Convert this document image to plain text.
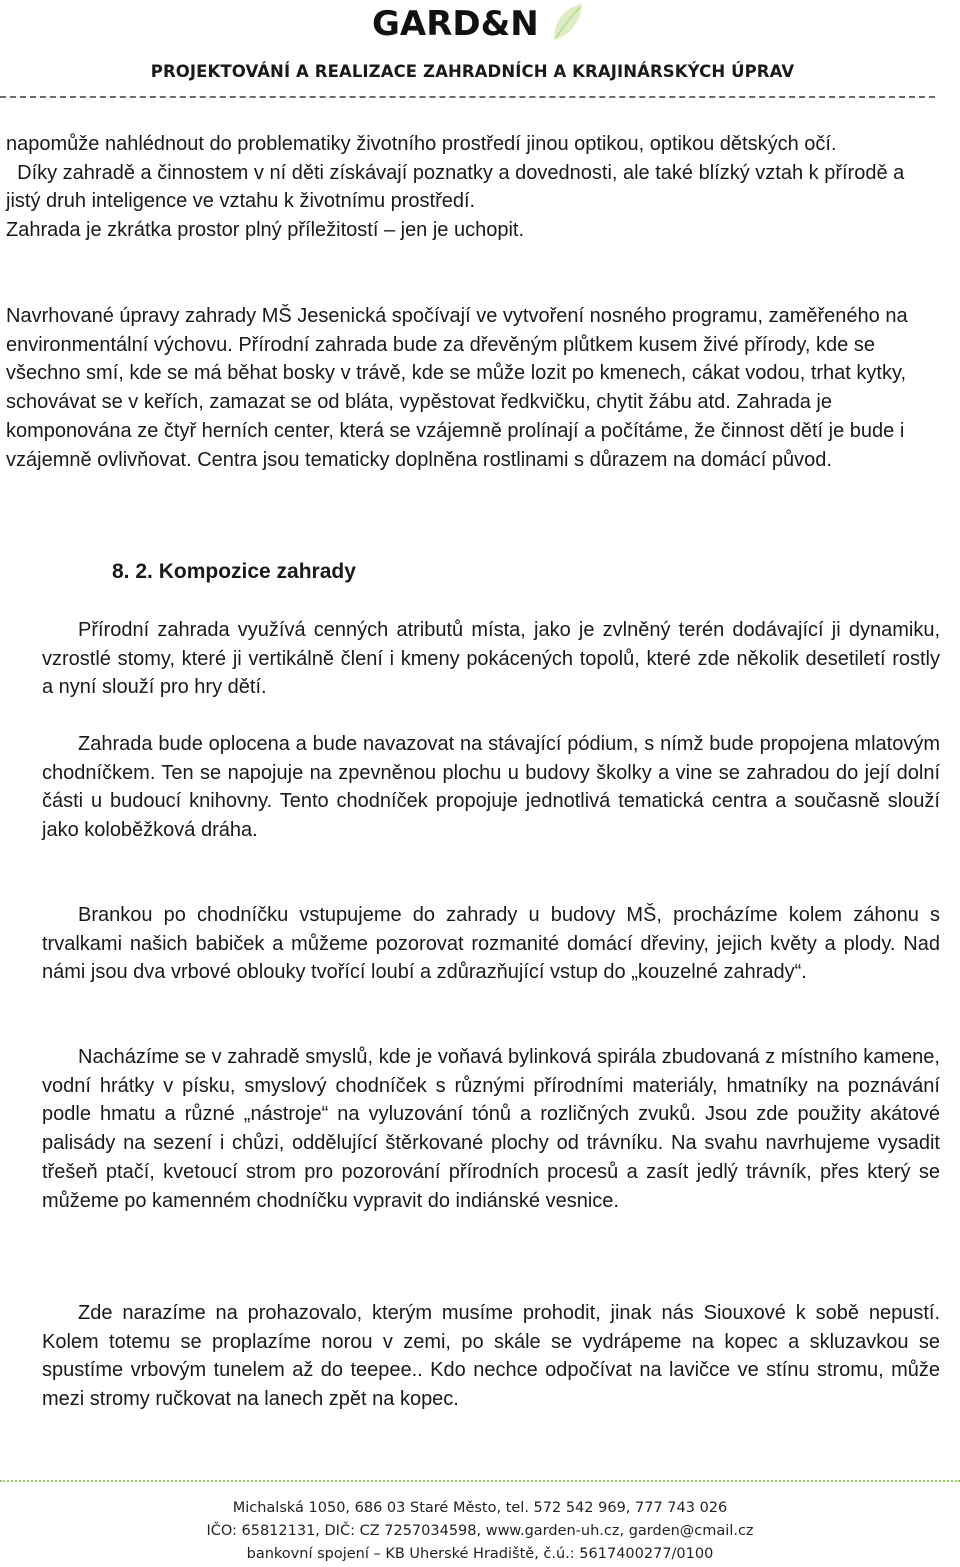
GARD&N
PROJEKTOVÁNÍ A REALIZACE ZAHRADNÍCH A KRAJINÁRSKÝCH ÚPRAV
napomůže nahlédnout do problematiky životního prostředí jinou optikou, optikou dětských očí.
Díky zahradě a činnostem v ní děti získávají poznatky a dovednosti, ale také blízký vztah k přírodě a jistý druh inteligence ve vztahu k životnímu prostředí.
Zahrada je zkrátka prostor plný příležitostí – jen je uchopit.
Navrhované úpravy zahrady MŠ Jesenická spočívají ve vytvoření nosného programu, zaměřeného na environmentální výchovu. Přírodní zahrada bude za dřevěným plůtkem kusem živé přírody, kde se všechno smí, kde se má běhat bosky v trávě, kde se může lozit po kmenech, cákat vodou, trhat kytky, schovávat se v keřích, zamazat se od bláta, vypěstovat ředkvičku, chytit žábu atd. Zahrada je komponována ze čtyř herních center, která se vzájemně prolínají a počítáme, že činnost dětí je bude i vzájemně ovlivňovat. Centra jsou tematicky doplněna rostlinami s důrazem na domácí původ.
8. 2. Kompozice zahrady
Přírodní zahrada využívá cenných atributů místa, jako je zvlněný terén dodávající ji dynamiku, vzrostlé stomy, které ji vertikálně člení i kmeny pokácených topolů, které zde několik desetiletí rostly a nyní slouží pro hry dětí.
Zahrada bude oplocena a bude navazovat na stávající pódium, s nímž bude propojena mlatovým chodníčkem. Ten se napojuje na zpevněnou plochu u budovy školky a vine se zahradou do její dolní části u budoucí knihovny. Tento chodníček propojuje jednotlivá tematická centra a současně slouží jako koloběžková dráha.
Brankou po chodníčku vstupujeme do zahrady u budovy MŠ, procházíme kolem záhonu s trvalkami našich babiček a můžeme pozorovat rozmanité domácí dřeviny, jejich květy a plody. Nad námi jsou dva vrbové oblouky tvořící loubí a zdůrazňující vstup do „kouzelné zahrady“.
Nacházíme se v zahradě smyslů, kde je voňavá bylinková spirála zbudovaná z místního kamene, vodní hrátky v písku, smyslový chodníček s různými přírodními materiály, hmatníky na poznávání podle hmatu a různé „nástroje“ na vyluzování tónů a rozličných zvuků. Jsou zde použity akátové palisády na sezení i chůzi, oddělující štěrkované plochy od trávníku. Na svahu navrhujeme vysadit třešeň ptačí, kvetoucí strom pro pozorování přírodních procesů a zasít jedlý trávník, přes který se můžeme po kamenném chodníčku vypravit do indiánské vesnice.
Zde narazíme na prohazovalo, kterým musíme prohodit, jinak nás Siouxové k sobě nepustí. Kolem totemu se proplazíme norou v zemi, po skále se vydrápeme na kopec a skluzavkou se spustíme vrbovým tunelem až do teepee.. Kdo nechce odpočívat na lavičce ve stínu stromu, může mezi stromy ručkovat na lanech zpět na kopec.
Michalská 1050, 686 03 Staré Město, tel. 572 542 969, 777 743 026
IČO: 65812131, DIČ: CZ 7257034598, www.garden-uh.cz, garden@cmail.cz
bankovní spojení – KB Uherské Hradiště, č.ú.: 5617400277/0100
